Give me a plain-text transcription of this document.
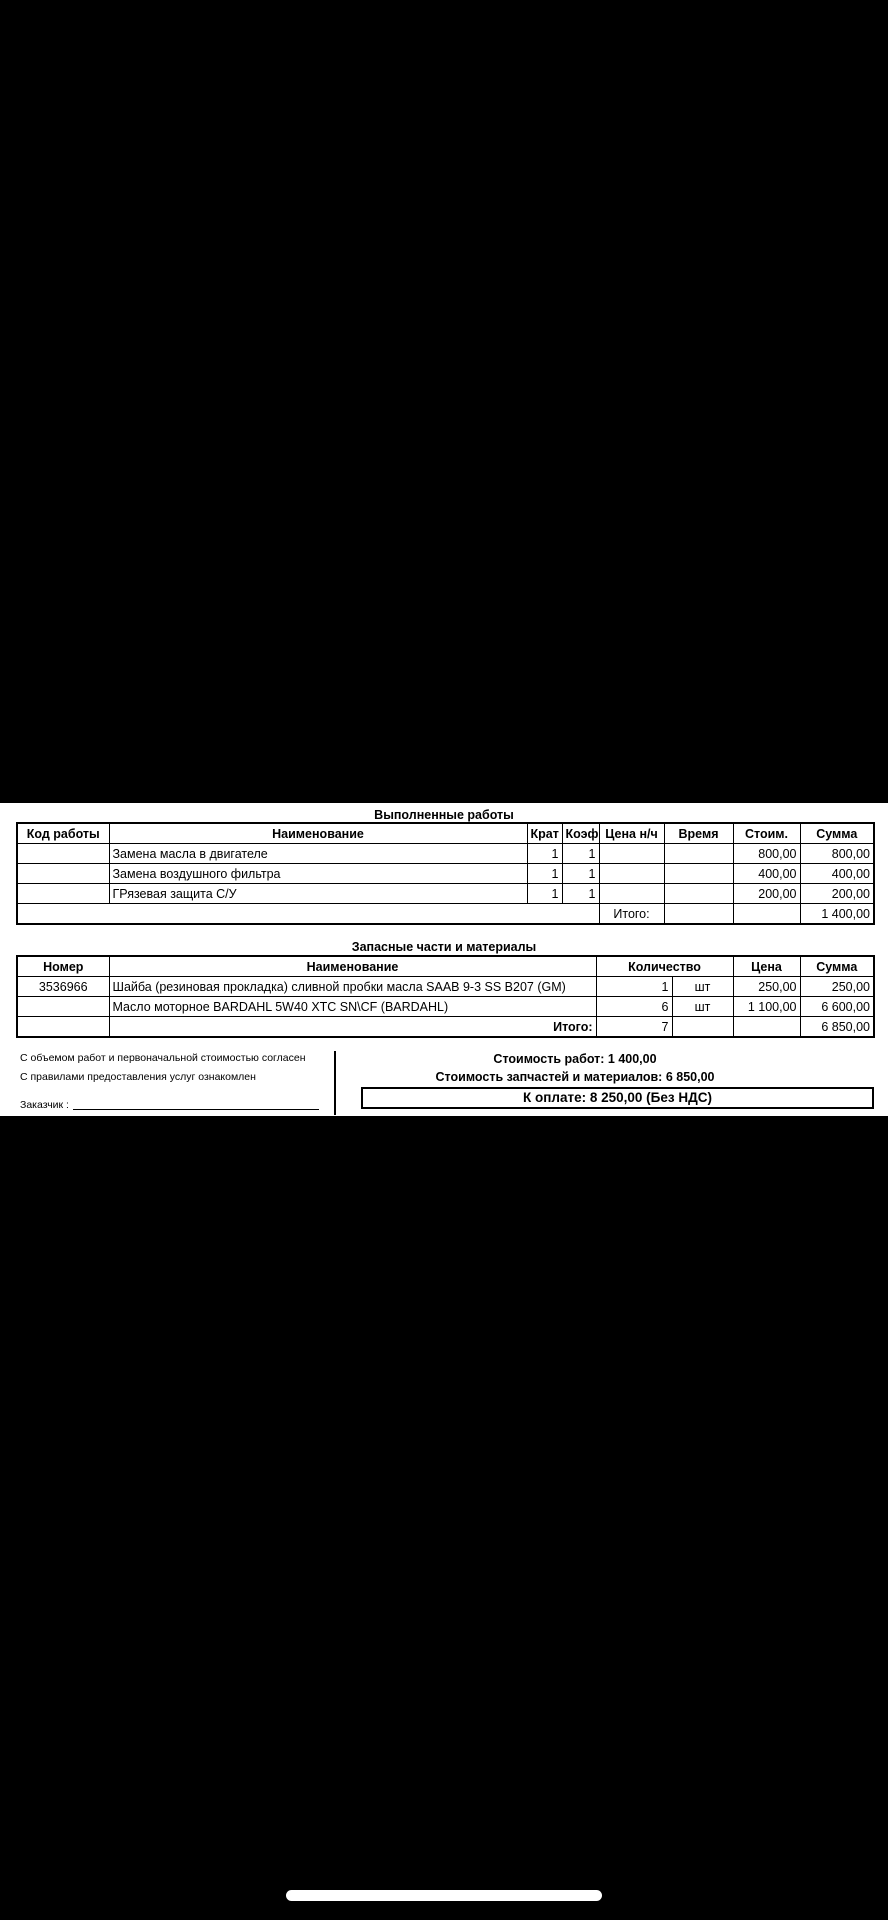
Выполненные работы
Код работы	Наименование	Крат	Коэф	Цена н/ч	Время	Стоим.	Сумма
	Замена масла в двигателе	1	1			800,00	800,00
	Замена воздушного фильтра	1	1			400,00	400,00
	ГРязевая защита С/У	1	1			200,00	200,00
				Итого:			1 400,00
Запасные части и материалы
Номер	Наименование	Количество		Цена	Сумма
3536966	Шайба (резиновая прокладка) сливной пробки масла SAAB 9-3 SS B207 (GM)	1	шт	250,00	250,00
	Масло моторное BARDAHL 5W40 XTC SN\CF (BARDAHL)	6	шт	1 100,00	6 600,00
	Итого:	7			6 850,00
С объемом работ и первоначальной стоимостью согласен
С правилами предоставления услуг ознакомлен
Заказчик :
Стоимость работ: 1 400,00
Стоимость запчастей и материалов: 6 850,00
К оплате: 8 250,00 (Без НДС)
